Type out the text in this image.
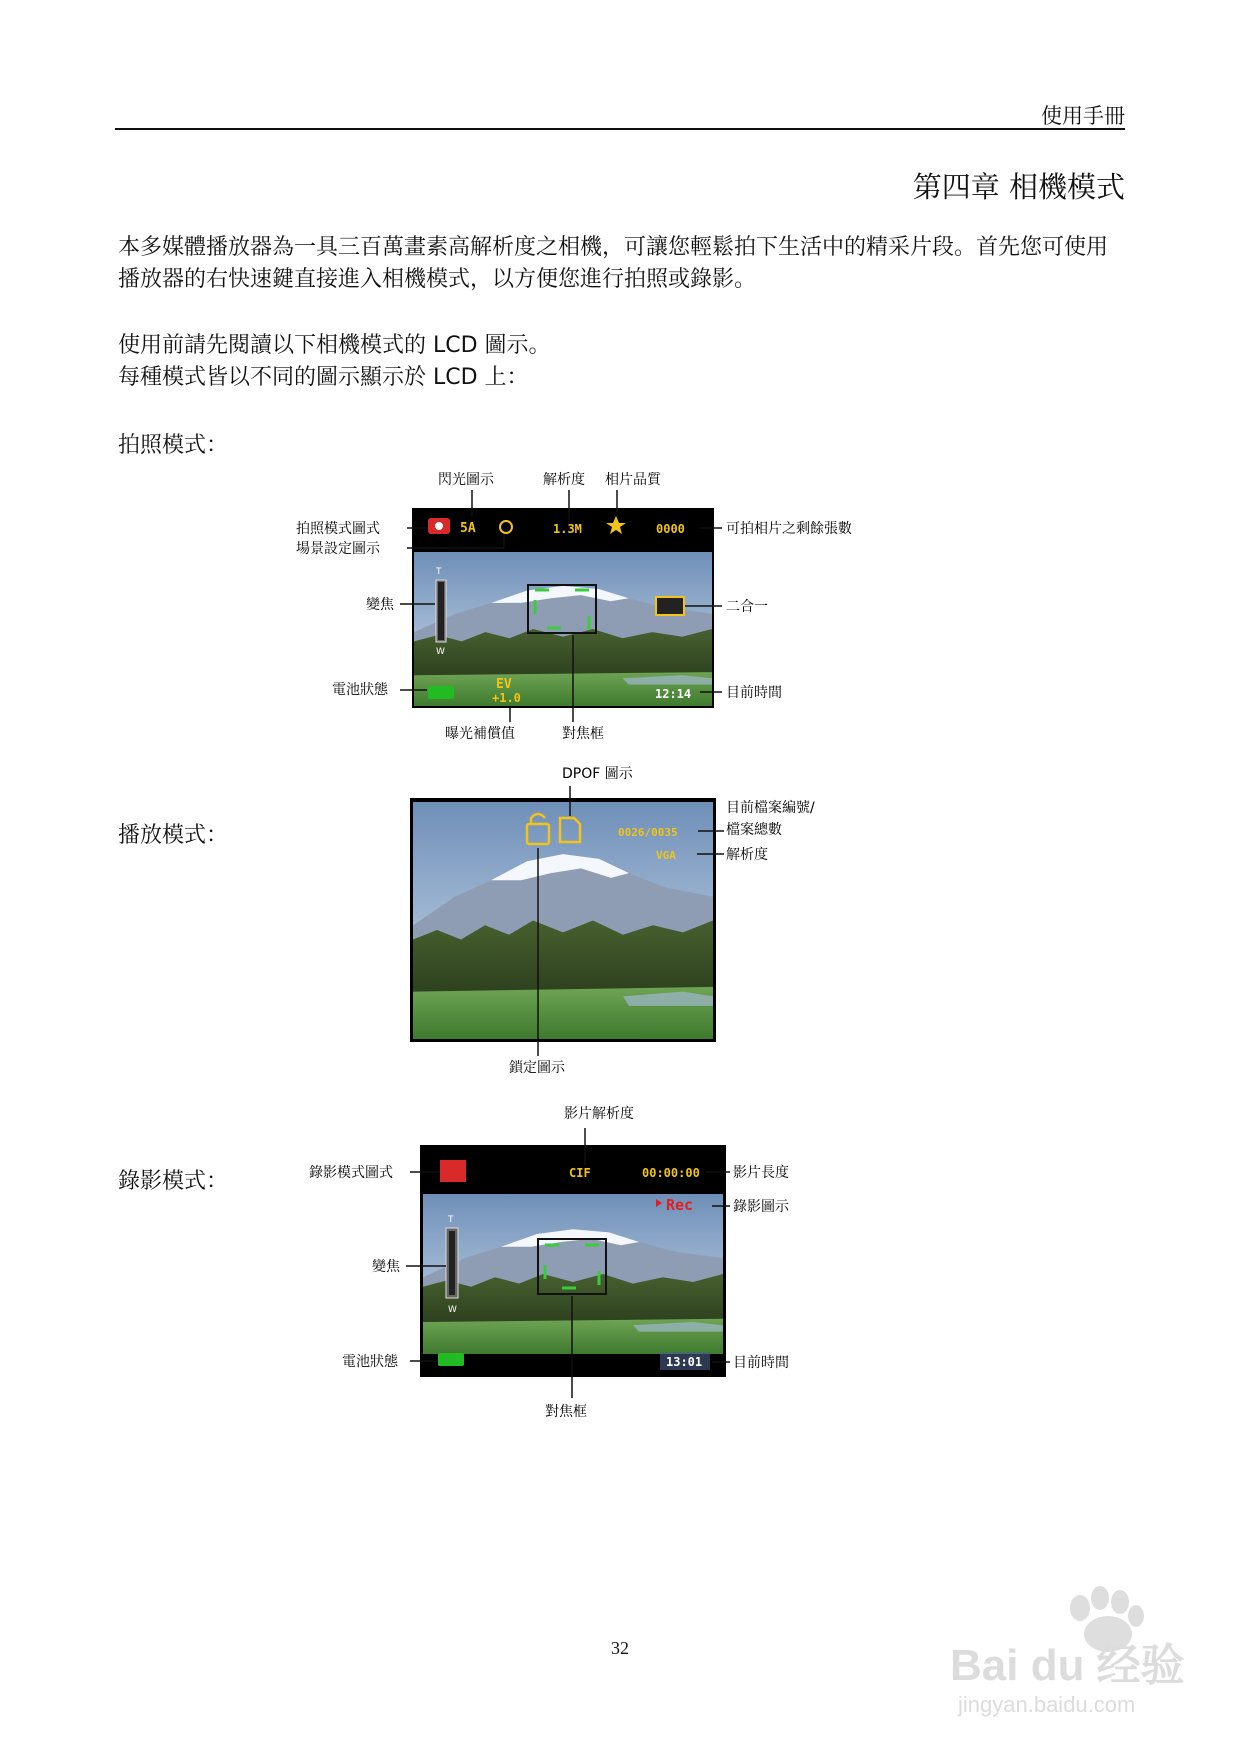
使用手冊
第四章 相機模式
本多媒體播放器為一具三百萬畫素高解析度之相機，可讓您輕鬆拍下生活中的精采片段。首先您可使用播放器的右快速鍵直接進入相機模式，以方便您進行拍照或錄影。
使用前請先閱讀以下相機模式的 LCD 圖示。
每種模式皆以不同的圖示顯示於 LCD 上：
拍照模式：
播放模式：
錄影模式：
5A	1.3M	0000
T
W
EV
+1.0	12:14
閃光圖示	解析度 相片品質
拍照模式圖式
場景設定圖示
變焦
電池狀態
曝光補償值	對焦框
可拍相片之剩餘張數
二合一
目前時間
0026/0035
VGA
DPOF 圖示
目前檔案編號/
檔案總數
解析度
鎖定圖示
CIF	00:00:00
Rec
T
W
13:01
影片解析度
錄影模式圖式	影片長度
錄影圖示
變焦
電池狀態
對焦框
目前時間
32	Bai du 经验
jingyan.baidu.com
